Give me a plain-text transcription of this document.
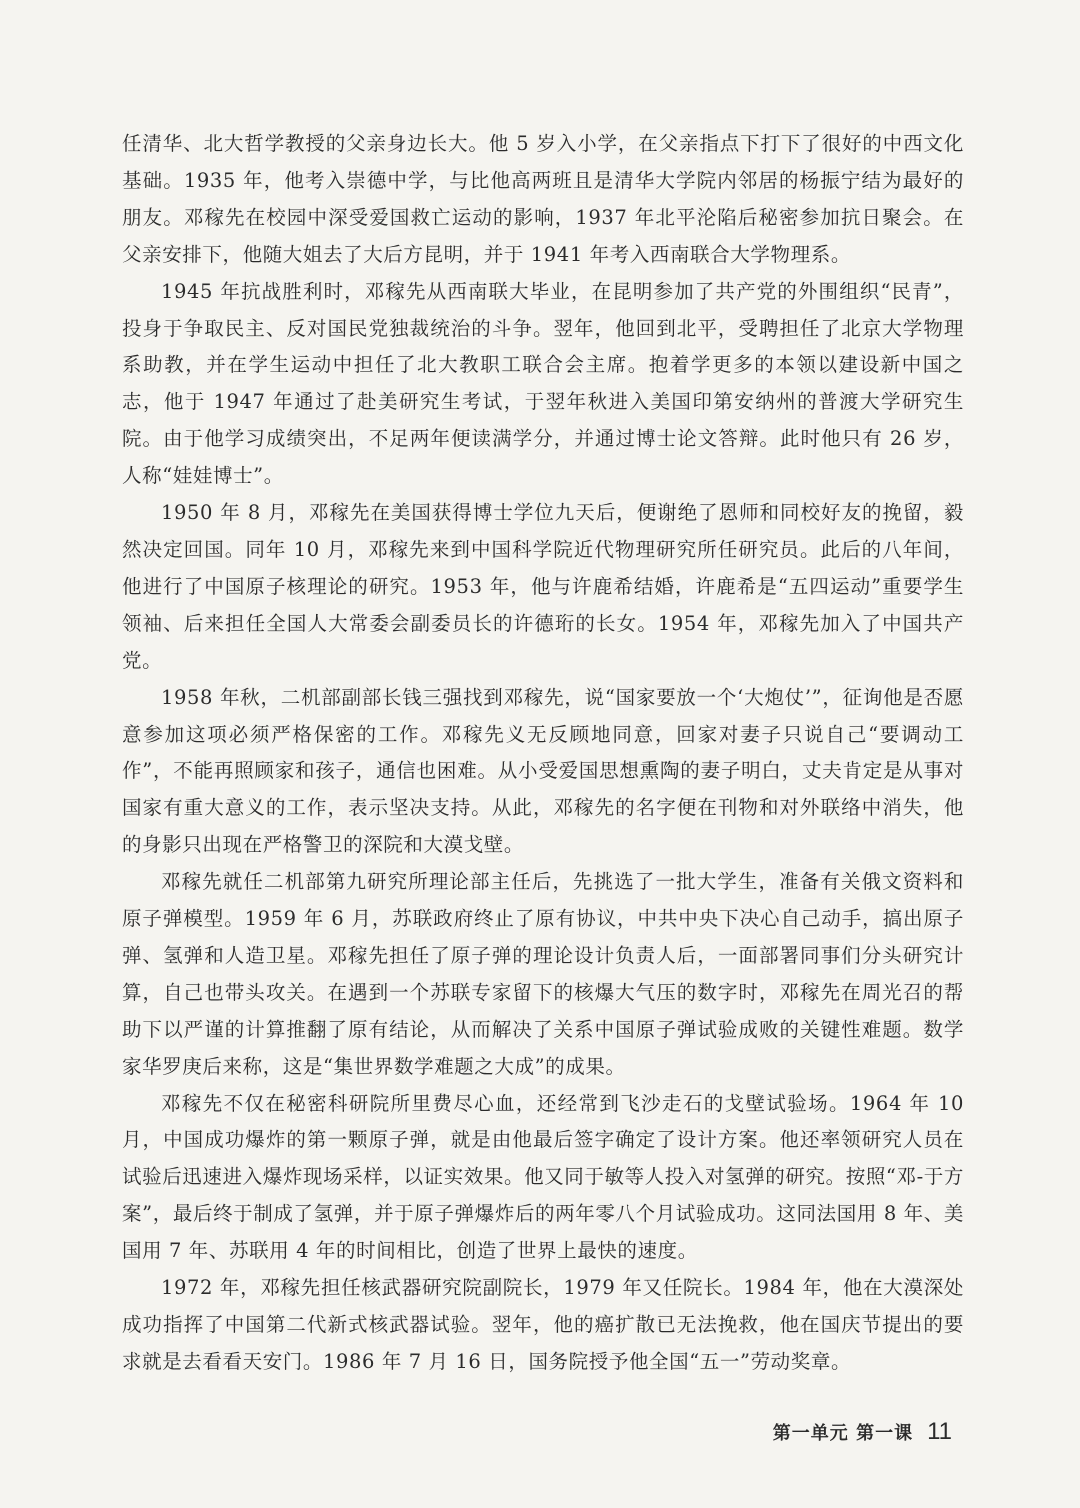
任清华、北大哲学教授的父亲身边长大。他 5 岁入小学，在父亲指点下打下了很好的中西文化基础。1935 年，他考入崇德中学，与比他高两班且是清华大学院内邻居的杨振宁结为最好的朋友。邓稼先在校园中深受爱国救亡运动的影响，1937 年北平沦陷后秘密参加抗日聚会。在父亲安排下，他随大姐去了大后方昆明，并于 1941 年考入西南联合大学物理系。

1945 年抗战胜利时，邓稼先从西南联大毕业，在昆明参加了共产党的外围组织“民青”，投身于争取民主、反对国民党独裁统治的斗争。翌年，他回到北平，受聘担任了北京大学物理系助教，并在学生运动中担任了北大教职工联合会主席。抱着学更多的本领以建设新中国之志，他于 1947 年通过了赴美研究生考试，于翌年秋进入美国印第安纳州的普渡大学研究生院。由于他学习成绩突出，不足两年便读满学分，并通过博士论文答辩。此时他只有 26 岁，人称“娃娃博士”。

1950 年 8 月，邓稼先在美国获得博士学位九天后，便谢绝了恩师和同校好友的挽留，毅然决定回国。同年 10 月，邓稼先来到中国科学院近代物理研究所任研究员。此后的八年间，他进行了中国原子核理论的研究。1953 年，他与许鹿希结婚，许鹿希是“五四运动”重要学生领袖、后来担任全国人大常委会副委员长的许德珩的长女。1954 年，邓稼先加入了中国共产党。

1958 年秋，二机部副部长钱三强找到邓稼先，说“国家要放一个‘大炮仗’”，征询他是否愿意参加这项必须严格保密的工作。邓稼先义无反顾地同意，回家对妻子只说自己“要调动工作”，不能再照顾家和孩子，通信也困难。从小受爱国思想熏陶的妻子明白，丈夫肯定是从事对国家有重大意义的工作，表示坚决支持。从此，邓稼先的名字便在刊物和对外联络中消失，他的身影只出现在严格警卫的深院和大漠戈壁。

邓稼先就任二机部第九研究所理论部主任后，先挑选了一批大学生，准备有关俄文资料和原子弹模型。1959 年 6 月，苏联政府终止了原有协议，中共中央下决心自己动手，搞出原子弹、氢弹和人造卫星。邓稼先担任了原子弹的理论设计负责人后，一面部署同事们分头研究计算，自己也带头攻关。在遇到一个苏联专家留下的核爆大气压的数字时，邓稼先在周光召的帮助下以严谨的计算推翻了原有结论，从而解决了关系中国原子弹试验成败的关键性难题。数学家华罗庚后来称，这是“集世界数学难题之大成”的成果。

邓稼先不仅在秘密科研院所里费尽心血，还经常到飞沙走石的戈壁试验场。1964 年 10 月，中国成功爆炸的第一颗原子弹，就是由他最后签字确定了设计方案。他还率领研究人员在试验后迅速进入爆炸现场采样，以证实效果。他又同于敏等人投入对氢弹的研究。按照“邓-于方案”，最后终于制成了氢弹，并于原子弹爆炸后的两年零八个月试验成功。这同法国用 8 年、美国用 7 年、苏联用 4 年的时间相比，创造了世界上最快的速度。

1972 年，邓稼先担任核武器研究院副院长，1979 年又任院长。1984 年，他在大漠深处成功指挥了中国第二代新式核武器试验。翌年，他的癌扩散已无法挽救，他在国庆节提出的要求就是去看看天安门。1986 年 7 月 16 日，国务院授予他全国“五一”劳动奖章。

第一单元 第一课 11
